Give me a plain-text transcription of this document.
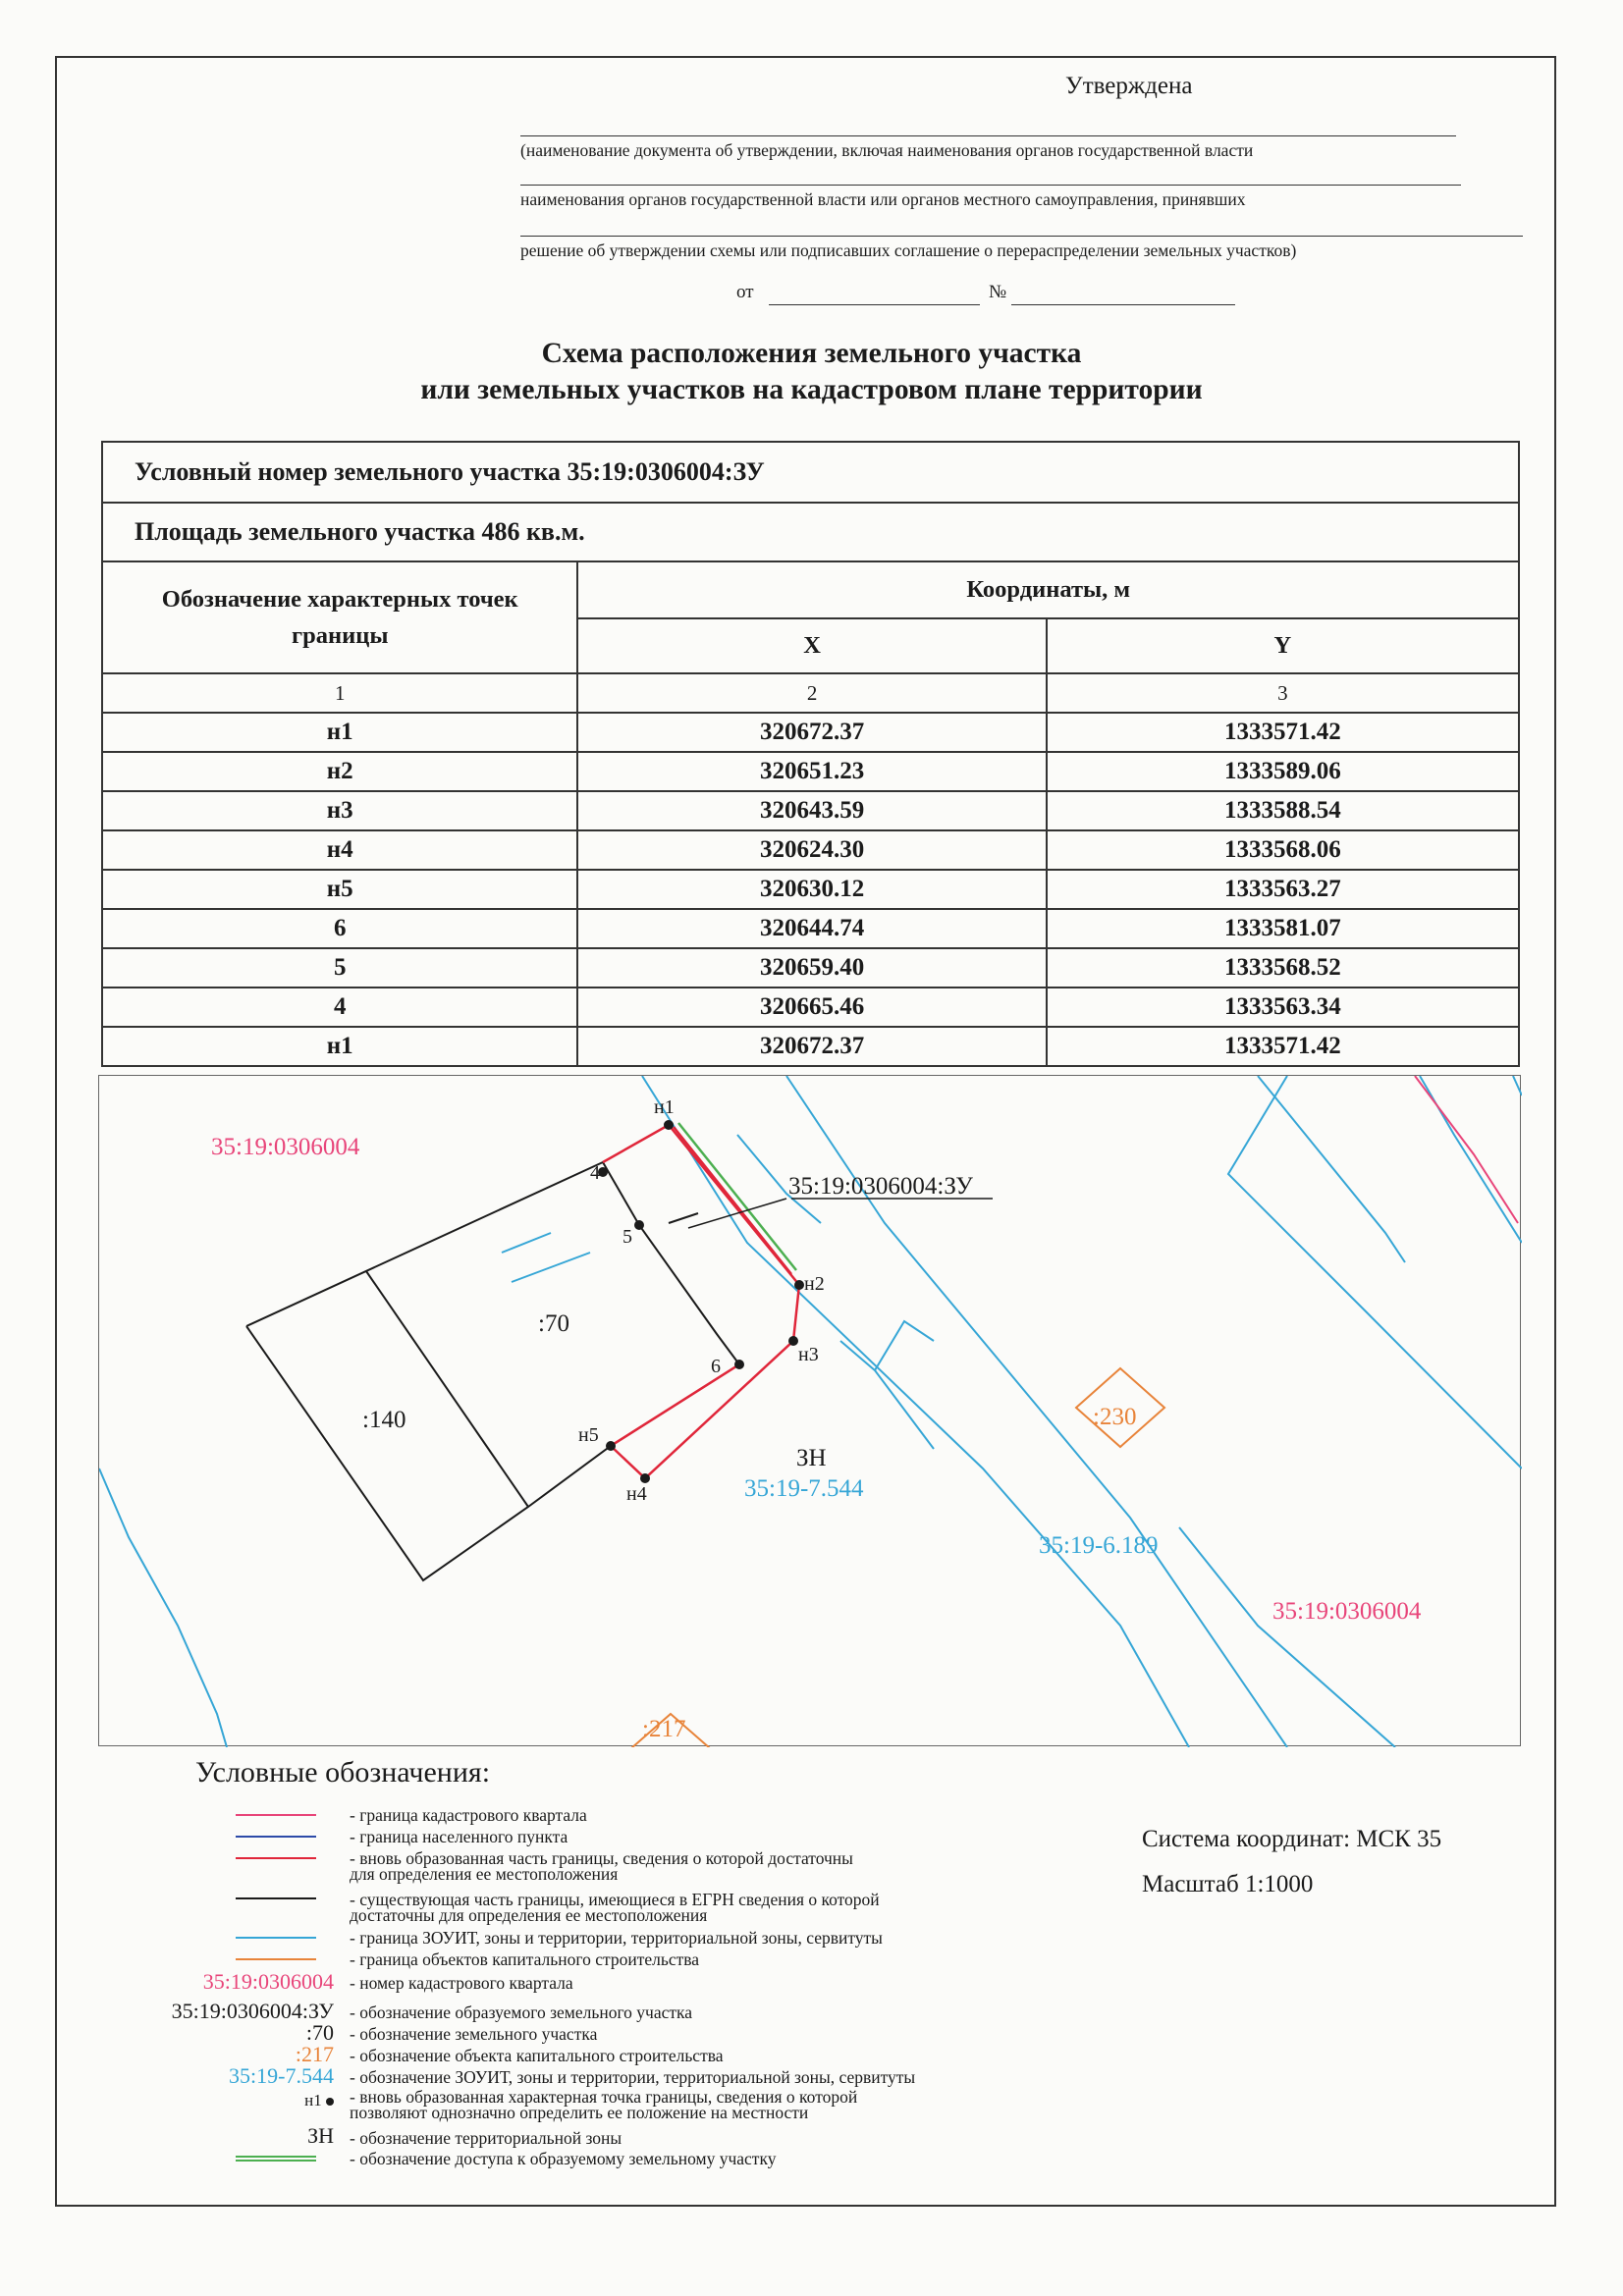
Утверждена
(наименование документа об утверждении, включая наименования органов государственной власти
наименования органов государственной власти или органов местного самоуправления, принявших
решение об утверждении схемы или подписавших соглашение о перераспределении земельных участков)
от	№
Схема расположения земельного участка
или земельных участков на кадастровом плане территории
Условный номер земельного участка 35:19:0306004:ЗУ		
Площадь земельного участка 486 кв.м.		
Обозначение характерных точек границы	Координаты, м	
	X	Y
1	2	3
н1	320672.37	1333571.42
н2	320651.23	1333589.06
н3	320643.59	1333588.54
н4	320624.30	1333568.06
н5	320630.12	1333563.27
6	320644.74	1333581.07
5	320659.40	1333568.52
4	320665.46	1333563.34
н1	320672.37	1333571.42
н1
н2
н3
н4
н5
6
5
4
35:19:0306004
35:19:0306004
35:19:0306004:ЗУ
:70
:140
ЗН
35:19-7.544
35:19-6.189
:230
:217
Условные обозначения:
- граница кадастрового квартала
- граница населенного пункта
- вновь образованная часть границы, сведения о которой достаточны
для определения ее местоположения
- существующая часть границы, имеющиеся в ЕГРН сведения о которой
достаточны для определения ее местоположения
- граница ЗОУИТ, зоны и территории, территориальной зоны, сервитуты
- граница объектов капитального строительства
35:19:0306004 - номер кадастрового квартала
35:19:0306004:ЗУ - обозначение образуемого земельного участка
:70 - обозначение земельного участка
:217 - обозначение объекта капитального строительства
35:19-7.544 - обозначение ЗОУИТ, зоны и территории, территориальной зоны, сервитуты
н1	- вновь образованная характерная точка границы, сведения о которой
позволяют однозначно определить ее положение на местности
ЗН - обозначение территориальной зоны
- обозначение доступа к образуемому земельному участку
Система координат: МСК 35
Масштаб 1:1000
